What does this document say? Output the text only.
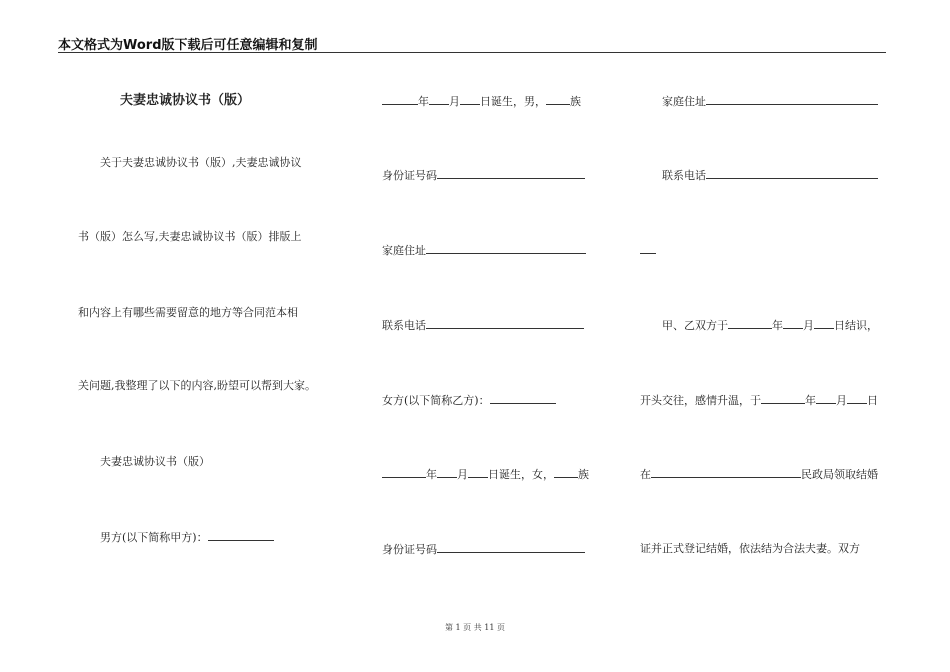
本文格式为Word版下载后可任意编辑和复制
夫妻忠诚协议书（版）
关于夫妻忠诚协议书（版）,夫妻忠诚协议
书（版）怎么写,夫妻忠诚协议书（版）排版上
和内容上有哪些需要留意的地方等合同范本相
关问题,我整理了以下的内容,盼望可以帮到大家。
夫妻忠诚协议书（版）
男方(以下简称甲方)：
年 月 日诞生，男， 族
身份证号码
家庭住址
联系电话
女方(以下简称乙方)：
年 月 日诞生，女， 族
身份证号码
家庭住址
联系电话
甲、乙双方于	年 月 日结识，
开头交往，感情升温，于	年 月 日
在	民政局领取结婚
证并正式登记结婚，依法结为合法夫妻。双方
第 1 页 共 11 页
